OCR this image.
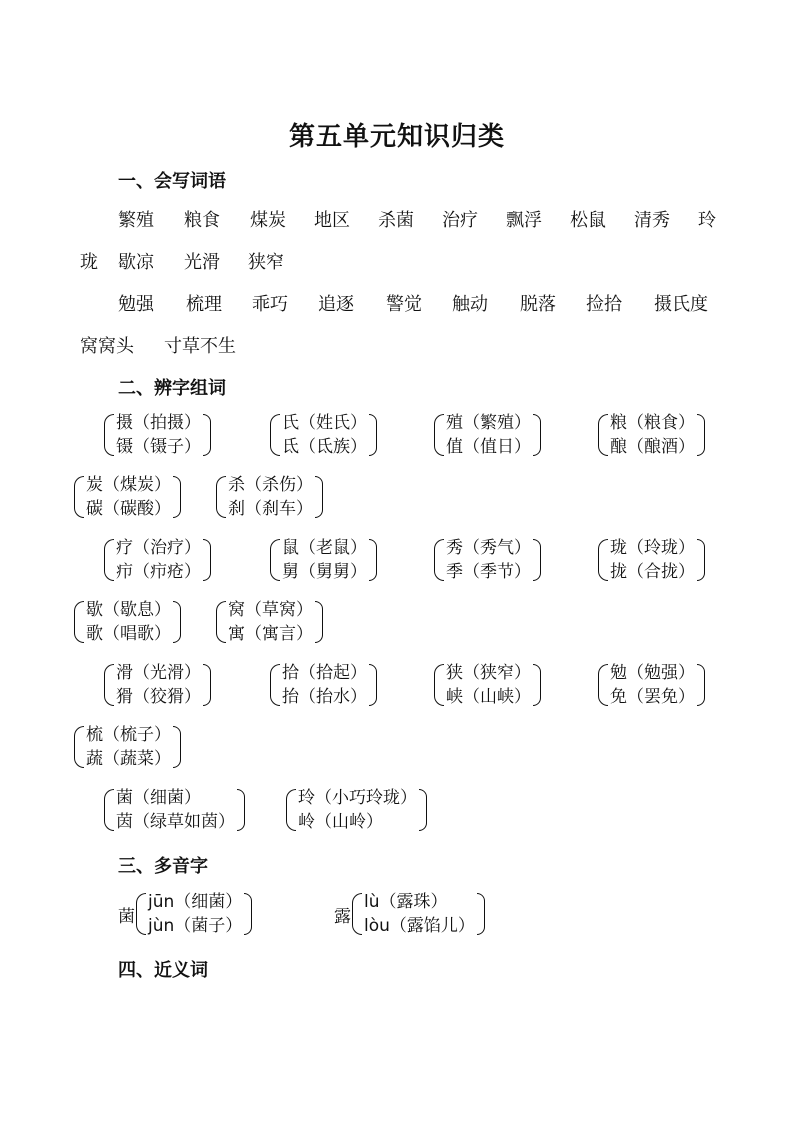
第五单元知识归类
一、会写词语
繁殖 粮食 煤炭 地区 杀菌 治疗 飘浮 松鼠 清秀 玲
珑 歇凉 光滑 狭窄
勉强 梳理 乖巧 追逐 警觉 触动 脱落 捡拾 摄氏度
窝窝头 寸草不生
二、辨字组词
摄（拍摄）
镊（镊子）
氏（姓氏）
氐（氐族）
殖（繁殖）
值（值日）
粮（粮食）
酿（酿酒）
炭（煤炭）
碳（碳酸）
杀（杀伤）
刹（刹车）
疗（治疗）
疖（疖疮）
鼠（老鼠）
舅（舅舅）
秀（秀气）
季（季节）
珑（玲珑）
拢（合拢）
歇（歇息）
歌（唱歌）
窝（草窝）
寓（寓言）
滑（光滑）
猾（狡猾）
拾（拾起）
抬（抬水）
狭（狭窄）
峡（山峡）
勉（勉强）
免（罢免）
梳（梳子）
蔬（蔬菜）
菌（细菌）
茵（绿草如茵）
玲（小巧玲珑）
岭（山岭）
三、多音字
菌
jūn（细菌）
jùn（菌子）	露
lù（露珠）
lòu（露馅儿）
四、近义词
